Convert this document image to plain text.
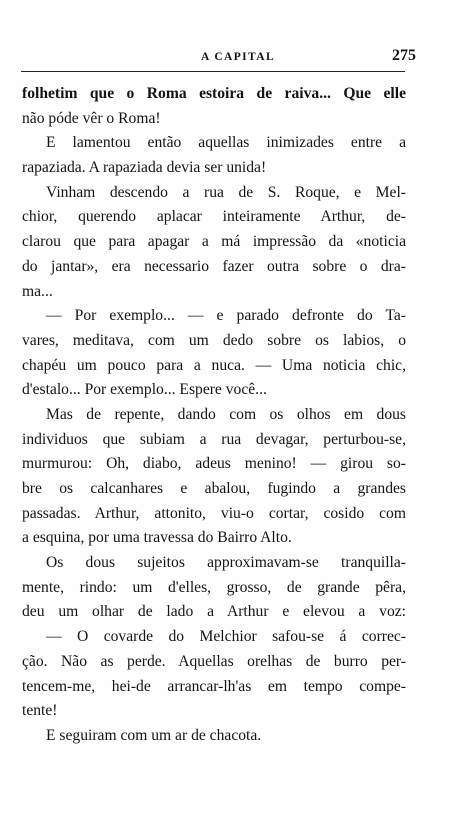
A CAPITAL	275
folhetim que o Roma estoira de raiva... Que elle
não póde vêr o Roma!
E lamentou então aquellas inimizades entre a
rapaziada. A rapaziada devia ser unida!
Vinham descendo a rua de S. Roque, e Mel-
chior, querendo aplacar inteiramente Arthur, de-
clarou que para apagar a má impressão da «noticia
do jantar», era necessario fazer outra sobre o dra-
ma...
— Por exemplo... — e parado defronte do Ta-
vares, meditava, com um dedo sobre os labios, o
chapéu um pouco para a nuca. — Uma noticia chic,
d'estalo... Por exemplo... Espere você...
Mas de repente, dando com os olhos em dous
individuos que subiam a rua devagar, perturbou-se,
murmurou: Oh, diabo, adeus menino! — girou so-
bre os calcanhares e abalou, fugindo a grandes
passadas. Arthur, attonito, viu-o cortar, cosido com
a esquina, por uma travessa do Bairro Alto.
Os dous sujeitos approximavam-se tranquilla-
mente, rindo: um d'elles, grosso, de grande pêra,
deu um olhar de lado a Arthur e elevou a voz:
— O covarde do Melchior safou-se á correc-
ção. Não as perde. Aquellas orelhas de burro per-
tencem-me, hei-de arrancar-lh'as em tempo compe-
tente!
E seguiram com um ar de chacota.
